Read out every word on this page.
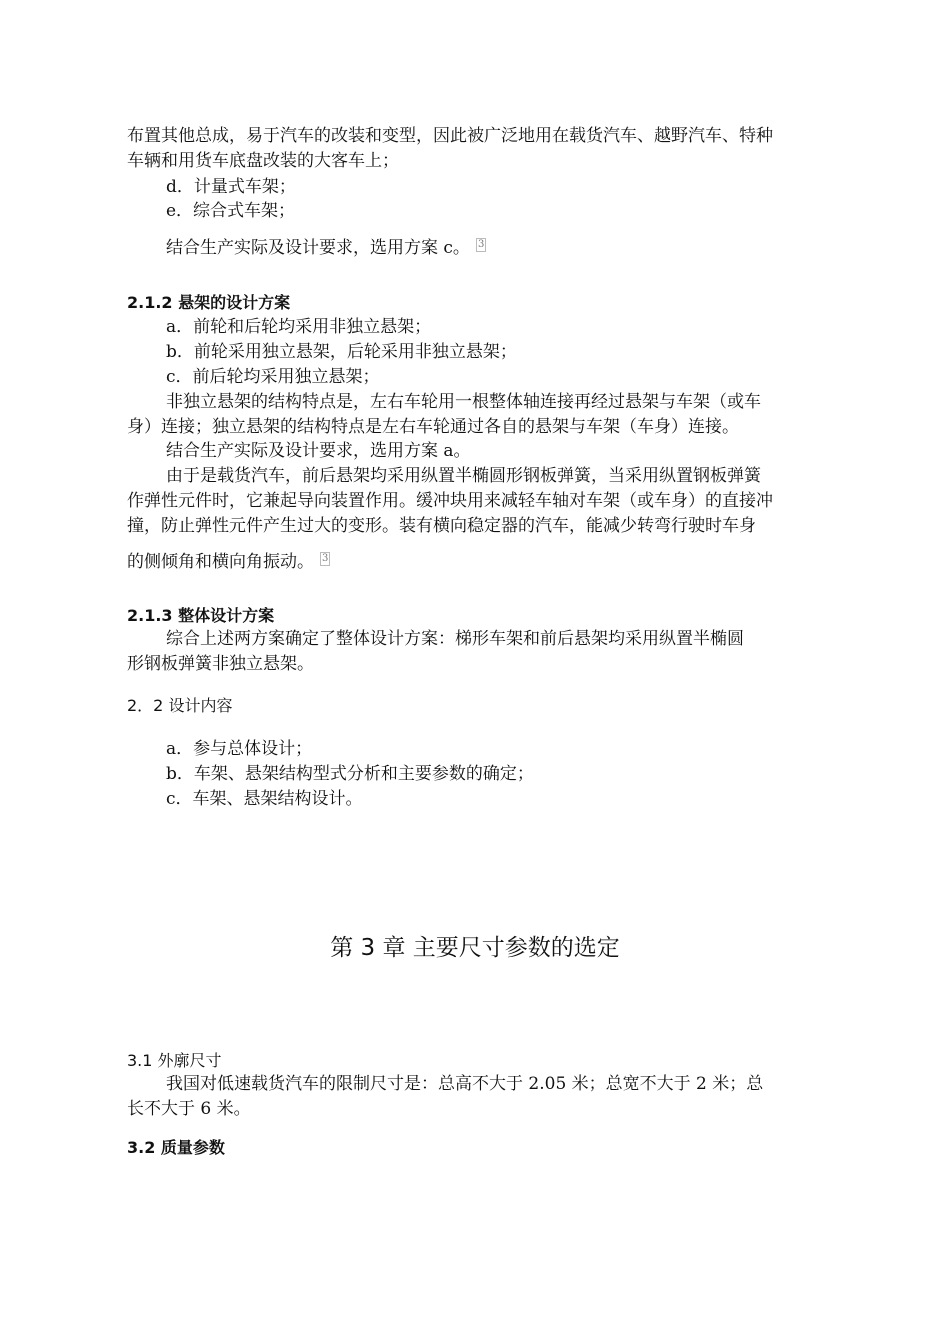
布置其他总成，易于汽车的改装和变型，因此被广泛地用在载货汽车、越野汽车、特种
车辆和用货车底盘改装的大客车上；
d．计量式车架；
e．综合式车架；
结合生产实际及设计要求，选用方案 c。 3
2.1.2 悬架的设计方案
a．前轮和后轮均采用非独立悬架；
b．前轮采用独立悬架，后轮采用非独立悬架；
c．前后轮均采用独立悬架；
非独立悬架的结构特点是，左右车轮用一根整体轴连接再经过悬架与车架（或车
身）连接；独立悬架的结构特点是左右车轮通过各自的悬架与车架（车身）连接。
结合生产实际及设计要求，选用方案 a。
由于是载货汽车，前后悬架均采用纵置半椭圆形钢板弹簧，当采用纵置钢板弹簧
作弹性元件时，它兼起导向装置作用。缓冲块用来减轻车轴对车架（或车身）的直接冲
撞，防止弹性元件产生过大的变形。装有横向稳定器的汽车，能减少转弯行驶时车身
的侧倾角和横向角振动。 3
2.1.3 整体设计方案
综合上述两方案确定了整体设计方案：梯形车架和前后悬架均采用纵置半椭圆
形钢板弹簧非独立悬架。
2．2 设计内容
a．参与总体设计；
b．车架、悬架结构型式分析和主要参数的确定；
c．车架、悬架结构设计。
第 3 章 主要尺寸参数的选定
3.1 外廓尺寸
我国对低速载货汽车的限制尺寸是：总高不大于 2.05 米；总宽不大于 2 米；总
长不大于 6 米。
3.2 质量参数
